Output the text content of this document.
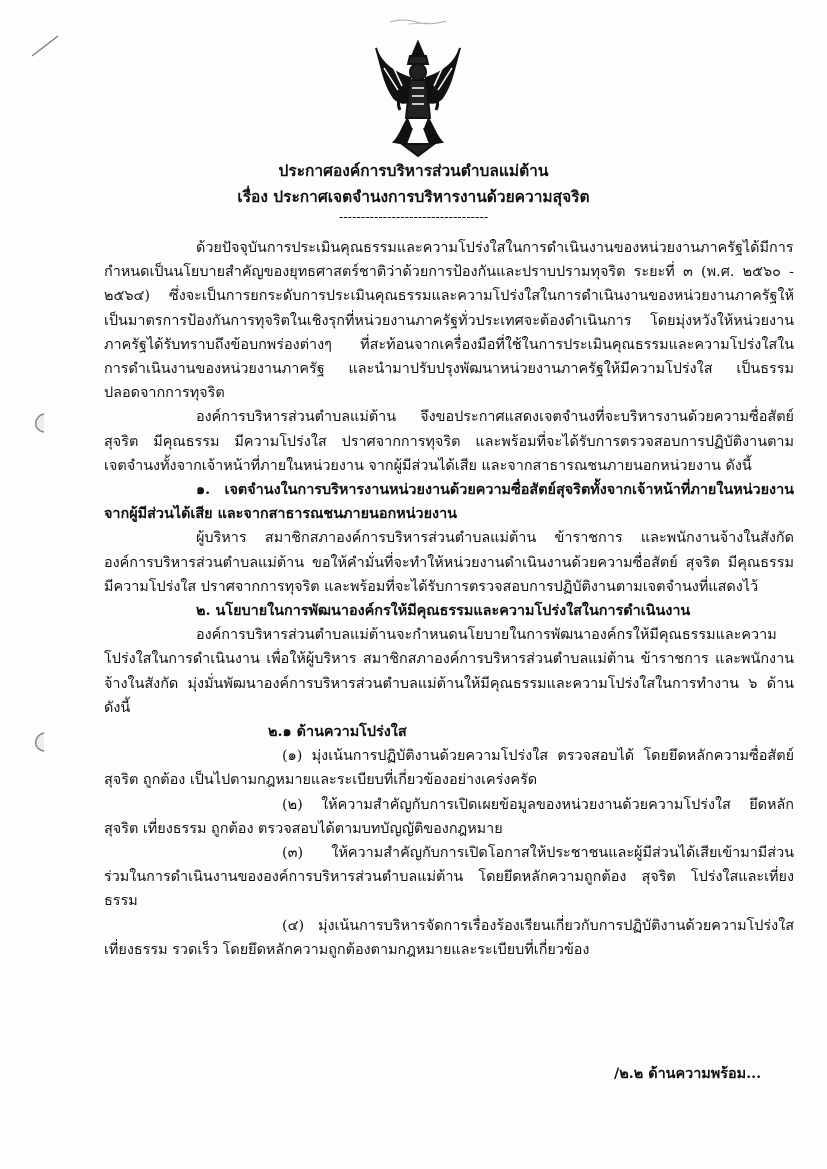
ประกาศองค์การบริหารส่วนตำบลแม่ต้าน
เรื่อง ประกาศเจตจำนงการบริหารงานด้วยความสุจริต
----------------------------------

ด้วยปัจจุบันการประเมินคุณธรรมและความโปร่งใสในการดำเนินงานของหน่วยงานภาครัฐได้มีการกำหนดเป็นนโยบายสำคัญของยุทธศาสตร์ชาติว่าด้วยการป้องกันและปราบปรามทุจริต ระยะที่ ๓ (พ.ศ. ๒๕๖๐ - ๒๕๖๔) ซึ่งจะเป็นการยกระดับการประเมินคุณธรรมและความโปร่งใสในการดำเนินงานของหน่วยงานภาครัฐให้เป็นมาตรการป้องกันการทุจริตในเชิงรุกที่หน่วยงานภาครัฐทั่วประเทศจะต้องดำเนินการ โดยมุ่งหวังให้หน่วยงานภาครัฐได้รับทราบถึงข้อบกพร่องต่างๆ ที่สะท้อนจากเครื่องมือที่ใช้ในการประเมินคุณธรรมและความโปร่งใสในการดำเนินงานของหน่วยงานภาครัฐ และนำมาปรับปรุงพัฒนาหน่วยงานภาครัฐให้มีความโปร่งใส เป็นธรรม ปลอดจากการทุจริต

องค์การบริหารส่วนตำบลแม่ต้าน จึงขอประกาศแสดงเจตจำนงที่จะบริหารงานด้วยความซื่อสัตย์สุจริต มีคุณธรรม มีความโปร่งใส ปราศจากการทุจริต และพร้อมที่จะได้รับการตรวจสอบการปฏิบัติงานตามเจตจำนงทั้งจากเจ้าหน้าที่ภายในหน่วยงาน จากผู้มีส่วนได้เสีย และจากสาธารณชนภายนอกหน่วยงาน ดังนี้

๑. เจตจำนงในการบริหารงานหน่วยงานด้วยความซื่อสัตย์สุจริตทั้งจากเจ้าหน้าที่ภายในหน่วยงาน จากผู้มีส่วนได้เสีย และจากสาธารณชนภายนอกหน่วยงาน

ผู้บริหาร สมาชิกสภาองค์การบริหารส่วนตำบลแม่ต้าน ข้าราชการ และพนักงานจ้างในสังกัดองค์การบริหารส่วนตำบลแม่ต้าน ขอให้คำมั่นที่จะทำให้หน่วยงานดำเนินงานด้วยความซื่อสัตย์ สุจริต มีคุณธรรม มีความโปร่งใส ปราศจากการทุจริต และพร้อมที่จะได้รับการตรวจสอบการปฏิบัติงานตามเจตจำนงที่แสดงไว้

๒. นโยบายในการพัฒนาองค์กรให้มีคุณธรรมและความโปร่งใสในการดำเนินงาน

องค์การบริหารส่วนตำบลแม่ต้านจะกำหนดนโยบายในการพัฒนาองค์กรให้มีคุณธรรมและความโปร่งใสในการดำเนินงาน เพื่อให้ผู้บริหาร สมาชิกสภาองค์การบริหารส่วนตำบลแม่ต้าน ข้าราชการ และพนักงานจ้างในสังกัด มุ่งมั่นพัฒนาองค์การบริหารส่วนตำบลแม่ต้านให้มีคุณธรรมและความโปร่งใสในการทำงาน ๖ ด้าน ดังนี้

๒.๑ ด้านความโปร่งใส

(๑) มุ่งเน้นการปฏิบัติงานด้วยความโปร่งใส ตรวจสอบได้ โดยยึดหลักความซื่อสัตย์สุจริต ถูกต้อง เป็นไปตามกฎหมายและระเบียบที่เกี่ยวข้องอย่างเคร่งครัด

(๒) ให้ความสำคัญกับการเปิดเผยข้อมูลของหน่วยงานด้วยความโปร่งใส ยึดหลักสุจริต เที่ยงธรรม ถูกต้อง ตรวจสอบได้ตามบทบัญญัติของกฎหมาย

(๓) ให้ความสำคัญกับการเปิดโอกาสให้ประชาชนและผู้มีส่วนได้เสียเข้ามามีส่วนร่วมในการดำเนินงานขององค์การบริหารส่วนตำบลแม่ต้าน โดยยึดหลักความถูกต้อง สุจริต โปร่งใสและเที่ยงธรรม

(๔) มุ่งเน้นการบริหารจัดการเรื่องร้องเรียนเกี่ยวกับการปฏิบัติงานด้วยความโปร่งใส เที่ยงธรรม รวดเร็ว โดยยึดหลักความถูกต้องตามกฎหมายและระเบียบที่เกี่ยวข้อง

/๒.๒ ด้านความพร้อม...
